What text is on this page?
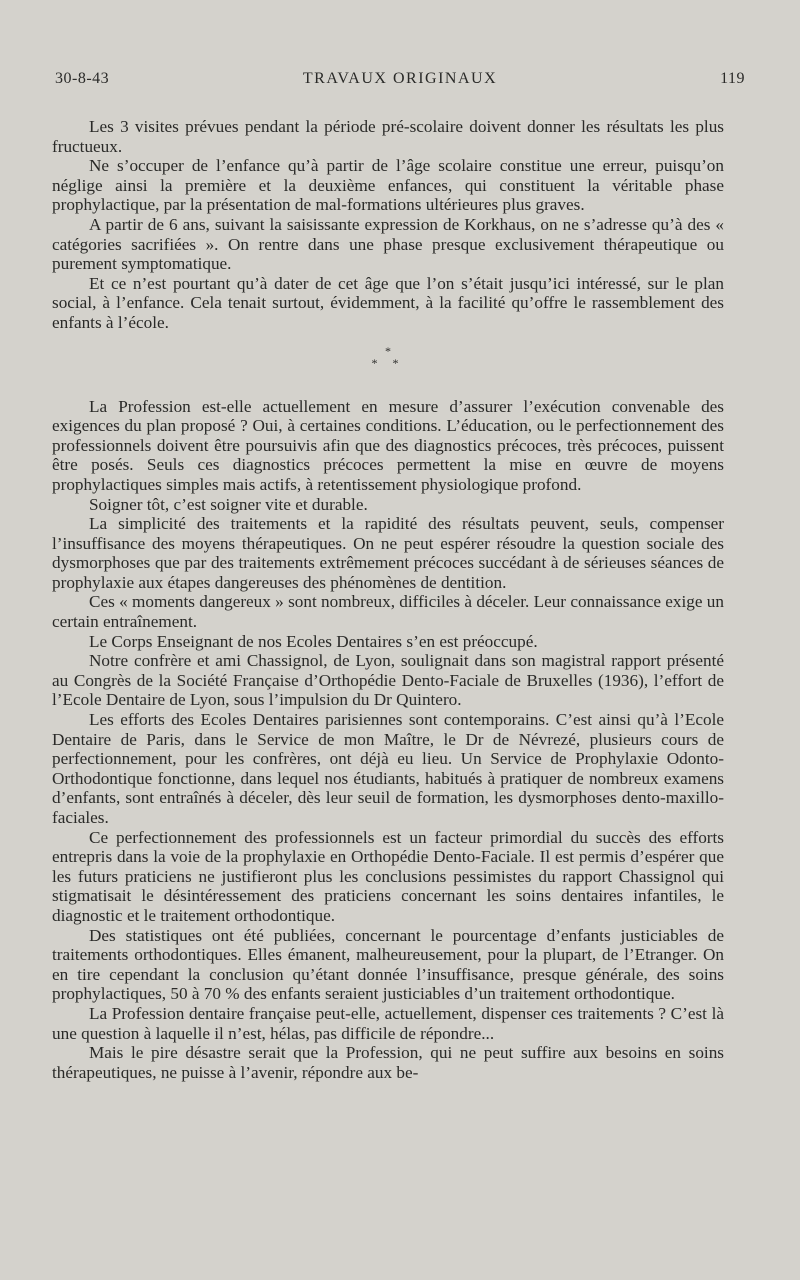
30-8-43	TRAVAUX ORIGINAUX	119

Les 3 visites prévues pendant la période pré-scolaire doivent donner les résultats les plus fructueux.

Ne s’occuper de l’enfance qu’à partir de l’âge scolaire constitue une erreur, puisqu’on néglige ainsi la première et la deuxième enfances, qui constituent la véritable phase prophylactique, par la présentation de mal-formations ultérieures plus graves.

A partir de 6 ans, suivant la saisissante expression de Korkhaus, on ne s’adresse qu’à des « catégories sacrifiées ». On rentre dans une phase presque exclusivement thérapeutique ou purement symptomatique.

Et ce n’est pourtant qu’à dater de cet âge que l’on s’était jusqu’ici intéressé, sur le plan social, à l’enfance. Cela tenait surtout, évidemment, à la facilité qu’offre le rassemblement des enfants à l’école.

*
* *

La Profession est-elle actuellement en mesure d’assurer l’exécution convenable des exigences du plan proposé ? Oui, à certaines conditions. L’éducation, ou le perfectionnement des professionnels doivent être poursuivis afin que des diagnostics précoces, très précoces, puissent être posés. Seuls ces diagnostics précoces permettent la mise en œuvre de moyens prophylactiques simples mais actifs, à retentissement physiologique profond.

Soigner tôt, c’est soigner vite et durable.

La simplicité des traitements et la rapidité des résultats peuvent, seuls, compenser l’insuffisance des moyens thérapeutiques. On ne peut espérer résoudre la question sociale des dysmorphoses que par des traitements extrêmement précoces succédant à de sérieuses séances de prophylaxie aux étapes dangereuses des phénomènes de dentition.

Ces « moments dangereux » sont nombreux, difficiles à déceler. Leur connaissance exige un certain entraînement.

Le Corps Enseignant de nos Ecoles Dentaires s’en est préoccupé.

Notre confrère et ami Chassignol, de Lyon, soulignait dans son magistral rapport présenté au Congrès de la Société Française d’Orthopédie Dento-Faciale de Bruxelles (1936), l’effort de l’Ecole Dentaire de Lyon, sous l’impulsion du Dr Quintero.

Les efforts des Ecoles Dentaires parisiennes sont contemporains. C’est ainsi qu’à l’Ecole Dentaire de Paris, dans le Service de mon Maître, le Dr de Névrezé, plusieurs cours de perfectionnement, pour les confrères, ont déjà eu lieu. Un Service de Prophylaxie Odonto-Orthodontique fonctionne, dans lequel nos étudiants, habitués à pratiquer de nombreux examens d’enfants, sont entraînés à déceler, dès leur seuil de formation, les dysmorphoses dento-maxillo-faciales.

Ce perfectionnement des professionnels est un facteur primordial du succès des efforts entrepris dans la voie de la prophylaxie en Orthopédie Dento-Faciale. Il est permis d’espérer que les futurs praticiens ne justifieront plus les conclusions pessimistes du rapport Chassignol qui stigmatisait le désintéressement des praticiens concernant les soins dentaires infantiles, le diagnostic et le traitement orthodontique.

Des statistiques ont été publiées, concernant le pourcentage d’enfants justiciables de traitements orthodontiques. Elles émanent, malheureusement, pour la plupart, de l’Etranger. On en tire cependant la conclusion qu’étant donnée l’insuffisance, presque générale, des soins prophylactiques, 50 à 70 % des enfants seraient justiciables d’un traitement orthodontique.

La Profession dentaire française peut-elle, actuellement, dispenser ces traitements ? C’est là une question à laquelle il n’est, hélas, pas difficile de répondre...

Mais le pire désastre serait que la Profession, qui ne peut suffire aux besoins en soins thérapeutiques, ne puisse à l’avenir, répondre aux be-
